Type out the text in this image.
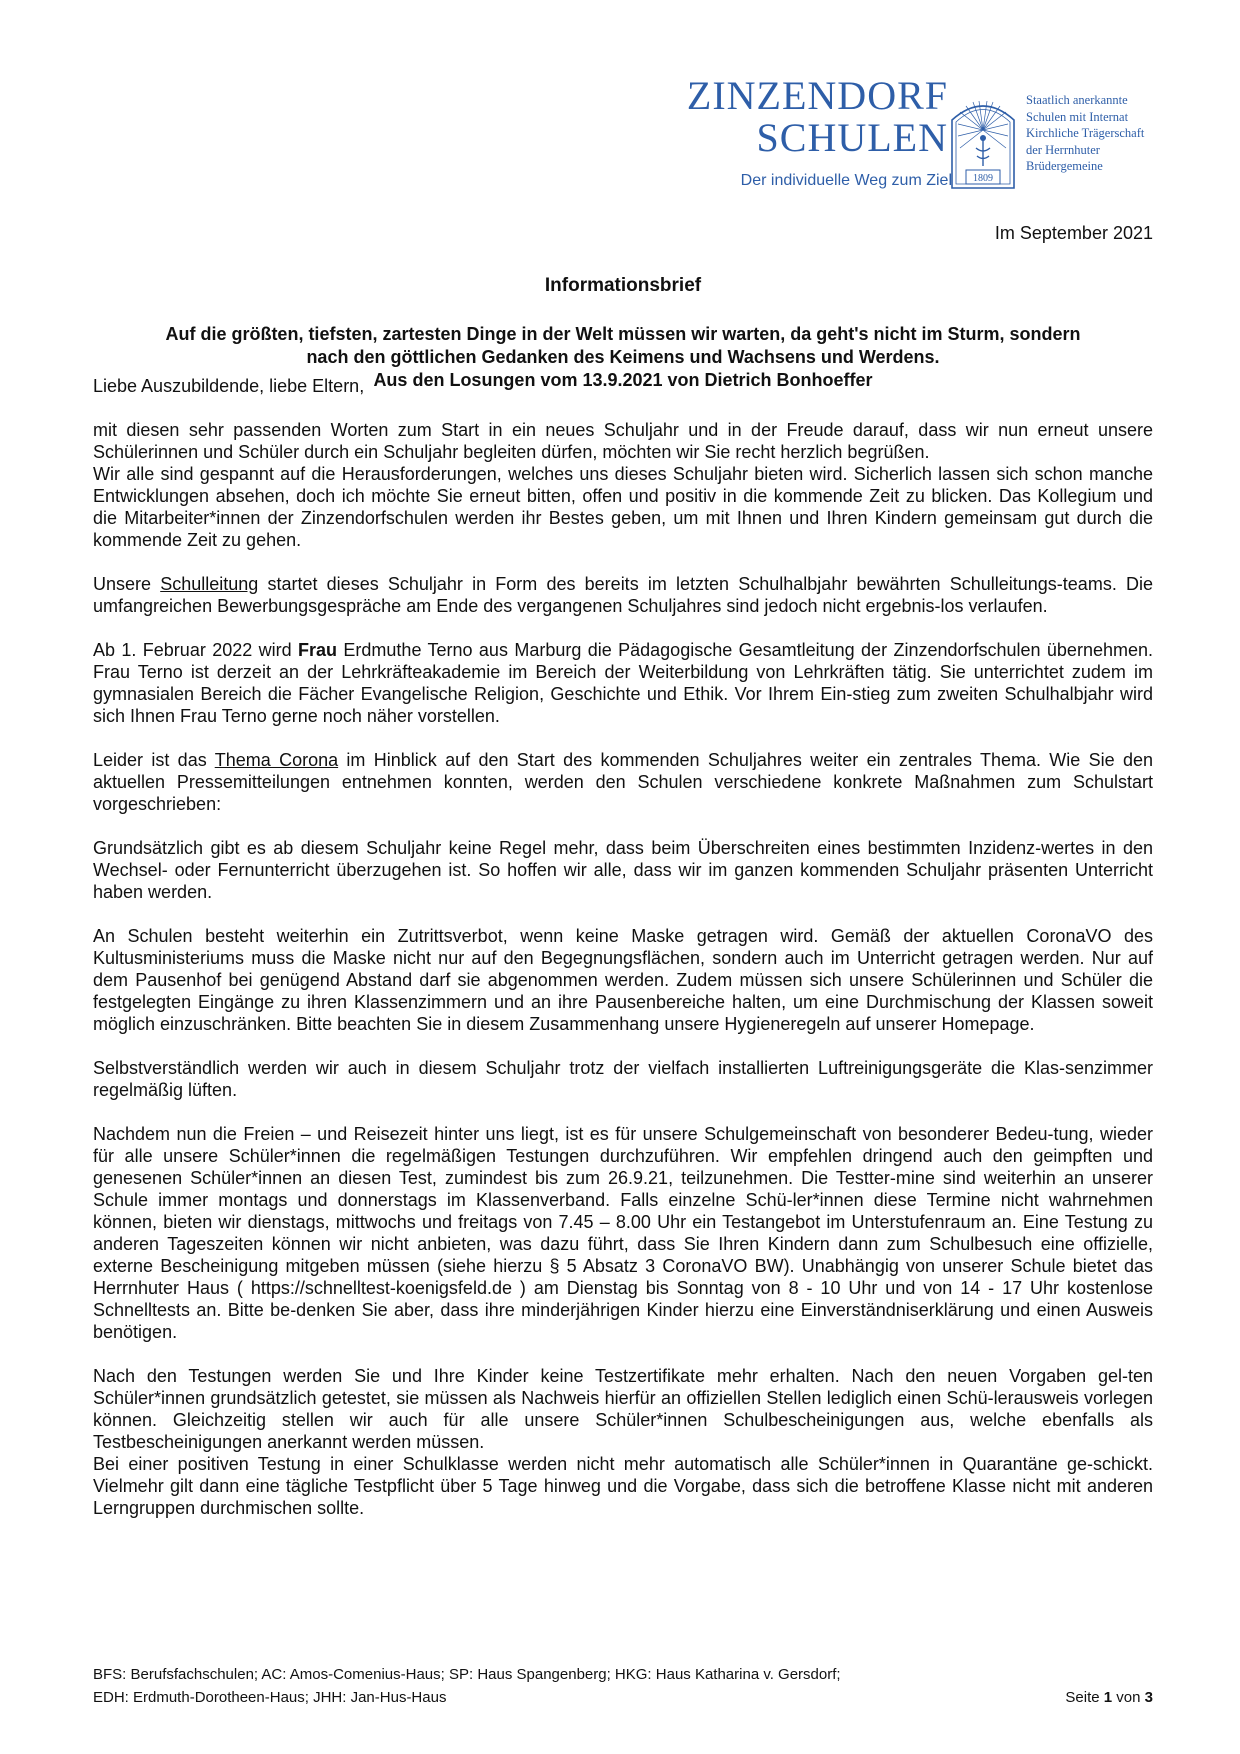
ZINZENDORF
SCHULEN
Der individuelle Weg zum Ziel 1809
Staatlich anerkannte
Schulen mit Internat
Kirchliche Trägerschaft
der Herrnhuter
Brüdergemeine

Im September 2021

Informationsbrief

Auf die größten, tiefsten, zartesten Dinge in der Welt müssen wir warten, da geht's nicht im Sturm, sondern
nach den göttlichen Gedanken des Keimens und Wachsens und Werdens.
Aus den Losungen vom 13.9.2021 von Dietrich Bonhoeffer

Liebe Auszubildende, liebe Eltern,

mit diesen sehr passenden Worten zum Start in ein neues Schuljahr und in der Freude darauf, dass wir nun erneut unsere Schülerinnen und Schüler durch ein Schuljahr begleiten dürfen, möchten wir Sie recht herzlich begrüßen.

Wir alle sind gespannt auf die Herausforderungen, welches uns dieses Schuljahr bieten wird. Sicherlich lassen sich schon manche Entwicklungen absehen, doch ich möchte Sie erneut bitten, offen und positiv in die kommende Zeit zu blicken. Das Kollegium und die Mitarbeiter*innen der Zinzendorfschulen werden ihr Bestes geben, um mit Ihnen und Ihren Kindern gemeinsam gut durch die kommende Zeit zu gehen.

Unsere Schulleitung startet dieses Schuljahr in Form des bereits im letzten Schulhalbjahr bewährten Schulleitungs-teams. Die umfangreichen Bewerbungsgespräche am Ende des vergangenen Schuljahres sind jedoch nicht ergebnis-los verlaufen.

Ab 1. Februar 2022 wird Frau Erdmuthe Terno aus Marburg die Pädagogische Gesamtleitung der Zinzendorfschulen übernehmen. Frau Terno ist derzeit an der Lehrkräfteakademie im Bereich der Weiterbildung von Lehrkräften tätig. Sie unterrichtet zudem im gymnasialen Bereich die Fächer Evangelische Religion, Geschichte und Ethik. Vor Ihrem Ein-stieg zum zweiten Schulhalbjahr wird sich Ihnen Frau Terno gerne noch näher vorstellen.

Leider ist das Thema Corona im Hinblick auf den Start des kommenden Schuljahres weiter ein zentrales Thema. Wie Sie den aktuellen Pressemitteilungen entnehmen konnten, werden den Schulen verschiedene konkrete Maßnahmen zum Schulstart vorgeschrieben:

Grundsätzlich gibt es ab diesem Schuljahr keine Regel mehr, dass beim Überschreiten eines bestimmten Inzidenz-wertes in den Wechsel- oder Fernunterricht überzugehen ist. So hoffen wir alle, dass wir im ganzen kommenden Schuljahr präsenten Unterricht haben werden.

An Schulen besteht weiterhin ein Zutrittsverbot, wenn keine Maske getragen wird. Gemäß der aktuellen CoronaVO des Kultusministeriums muss die Maske nicht nur auf den Begegnungsflächen, sondern auch im Unterricht getragen werden. Nur auf dem Pausenhof bei genügend Abstand darf sie abgenommen werden. Zudem müssen sich unsere Schülerinnen und Schüler die festgelegten Eingänge zu ihren Klassenzimmern und an ihre Pausenbereiche halten, um eine Durchmischung der Klassen soweit möglich einzuschränken. Bitte beachten Sie in diesem Zusammenhang unsere Hygieneregeln auf unserer Homepage.

Selbstverständlich werden wir auch in diesem Schuljahr trotz der vielfach installierten Luftreinigungsgeräte die Klas-senzimmer regelmäßig lüften.

Nachdem nun die Freien – und Reisezeit hinter uns liegt, ist es für unsere Schulgemeinschaft von besonderer Bedeu-tung, wieder für alle unsere Schüler*innen die regelmäßigen Testungen durchzuführen. Wir empfehlen dringend auch den geimpften und genesenen Schüler*innen an diesen Test, zumindest bis zum 26.9.21, teilzunehmen. Die Testter-mine sind weiterhin an unserer Schule immer montags und donnerstags im Klassenverband. Falls einzelne Schü-ler*innen diese Termine nicht wahrnehmen können, bieten wir dienstags, mittwochs und freitags von 7.45 – 8.00 Uhr ein Testangebot im Unterstufenraum an. Eine Testung zu anderen Tageszeiten können wir nicht anbieten, was dazu führt, dass Sie Ihren Kindern dann zum Schulbesuch eine offizielle, externe Bescheinigung mitgeben müssen (siehe hierzu § 5 Absatz 3 CoronaVO BW). Unabhängig von unserer Schule bietet das Herrnhuter Haus ( https://schnelltest-koenigsfeld.de ) am Dienstag bis Sonntag von 8 - 10 Uhr und von 14 - 17 Uhr kostenlose Schnelltests an. Bitte be-denken Sie aber, dass ihre minderjährigen Kinder hierzu eine Einverständniserklärung und einen Ausweis benötigen.

Nach den Testungen werden Sie und Ihre Kinder keine Testzertifikate mehr erhalten. Nach den neuen Vorgaben gel-ten Schüler*innen grundsätzlich getestet, sie müssen als Nachweis hierfür an offiziellen Stellen lediglich einen Schü-lerausweis vorlegen können. Gleichzeitig stellen wir auch für alle unsere Schüler*innen Schulbescheinigungen aus, welche ebenfalls als Testbescheinigungen anerkannt werden müssen.

Bei einer positiven Testung in einer Schulklasse werden nicht mehr automatisch alle Schüler*innen in Quarantäne ge-schickt. Vielmehr gilt dann eine tägliche Testpflicht über 5 Tage hinweg und die Vorgabe, dass sich die betroffene Klasse nicht mit anderen Lerngruppen durchmischen sollte.

BFS: Berufsfachschulen; AC: Amos-Comenius-Haus; SP: Haus Spangenberg; HKG: Haus Katharina v. Gersdorf;
EDH: Erdmuth-Dorotheen-Haus; JHH: Jan-Hus-Haus	Seite 1 von 3
